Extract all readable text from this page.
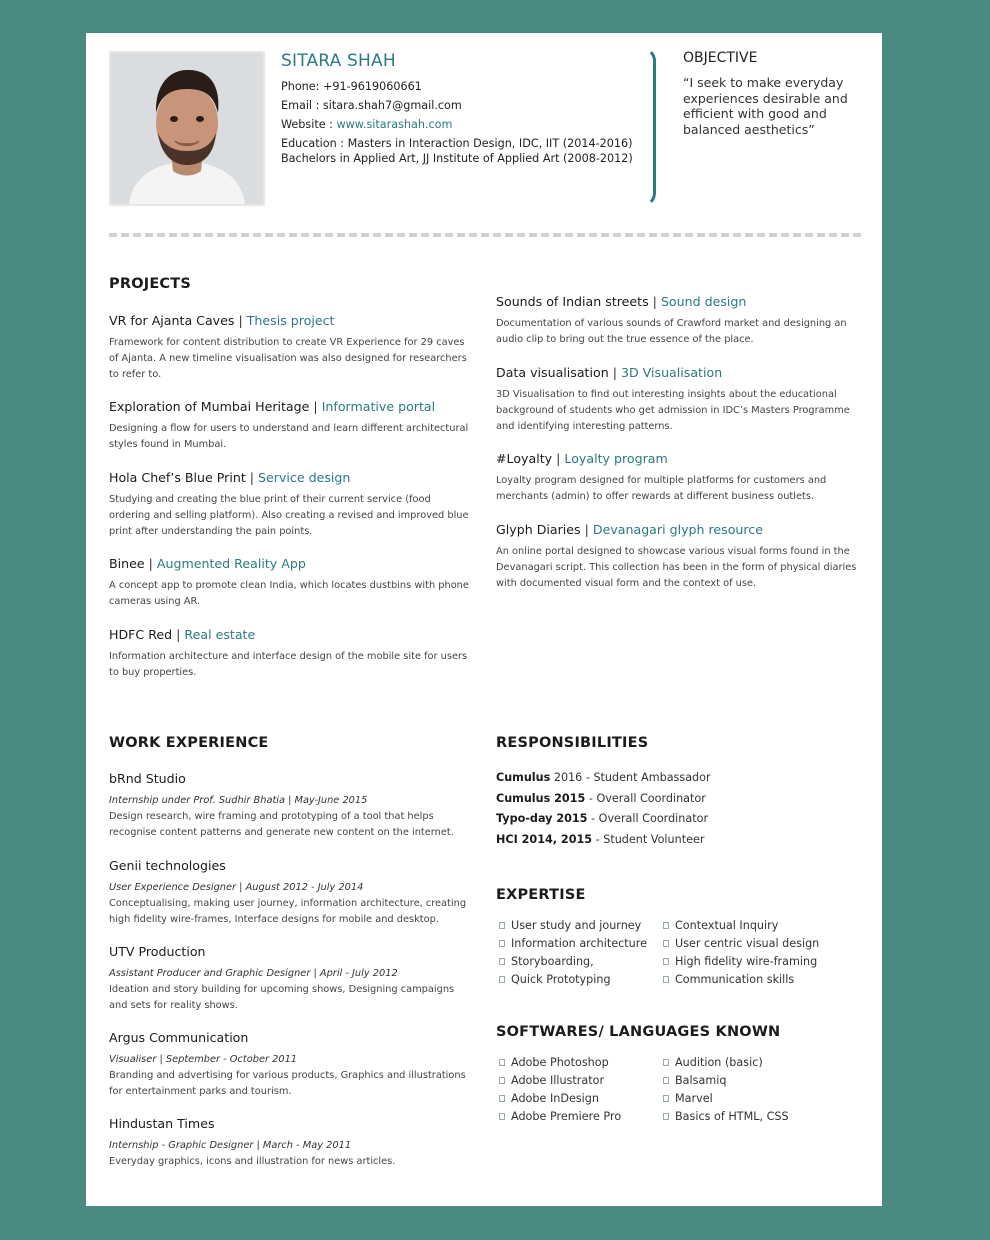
SITARA SHAH
Phone: +91-9619060661
Email : sitara.shah7@gmail.com
Website : www.sitarashah.com
Education : Masters in Interaction Design, IDC, IIT (2014-2016)
Bachelors in Applied Art, JJ Institute of Applied Art (2008-2012)
OBJECTIVE
“I seek to make everyday experiences desirable and efficient with good and balanced aesthetics”
PROJECTS
VR for Ajanta Caves | Thesis project
Framework for content distribution to create VR Experience for 29 caves of Ajanta. A new timeline visualisation was also designed for researchers to refer to.
Exploration of Mumbai Heritage | Informative portal
Designing a flow for users to understand and learn different architectural styles found in Mumbai.
Hola Chef’s Blue Print | Service design
Studying and creating the blue print of their current service (food ordering and selling platform). Also creating a revised and improved blue print after understanding the pain points.
Binee | Augmented Reality App
A concept app to promote clean India, which locates dustbins with phone cameras using AR.
HDFC Red | Real estate
Information architecture and interface design of the mobile site for users to buy properties.
Sounds of Indian streets | Sound design
Documentation of various sounds of Crawford market and designing an audio clip to bring out the true essence of the place.
Data visualisation | 3D Visualisation
3D Visualisation to find out interesting insights about the educational background of students who get admission in IDC’s Masters Programme and identifying interesting patterns.
#Loyalty | Loyalty program
Loyalty program designed for multiple platforms for customers and merchants (admin) to offer rewards at different business outlets.
Glyph Diaries | Devanagari glyph resource
An online portal designed to showcase various visual forms found in the Devanagari script. This collection has been in the form of physical diaries with documented visual form and the context of use.
WORK EXPERIENCE
bRnd Studio
Internship under Prof. Sudhir Bhatia | May-June 2015
Design research, wire framing and prototyping of a tool that helps recognise content patterns and generate new content on the internet.
Genii technologies
User Experience Designer | August 2012 - July 2014
Conceptualising, making user journey, information architecture, creating high fidelity wire-frames, Interface designs for mobile and desktop.
UTV Production
Assistant Producer and Graphic Designer | April - July 2012
Ideation and story building for upcoming shows, Designing campaigns and sets for reality shows.
Argus Communication
Visualiser | September - October 2011
Branding and advertising for various products, Graphics and illustrations for entertainment parks and tourism.
Hindustan Times
Internship - Graphic Designer | March - May 2011
Everyday graphics, icons and illustration for news articles.
RESPONSIBILITIES
Cumulus 2016 - Student Ambassador
Cumulus 2015 - Overall Coordinator
Typo-day 2015 - Overall Coordinator
HCI 2014, 2015 - Student Volunteer
EXPERTISE
User study and journey
Information architecture
Storyboarding,
Quick Prototyping
Contextual Inquiry
User centric visual design
High fidelity wire-framing
Communication skills
SOFTWARES/ LANGUAGES KNOWN
Adobe Photoshop
Adobe Illustrator
Adobe InDesign
Adobe Premiere Pro
Audition (basic)
Balsamiq
Marvel
Basics of HTML, CSS
